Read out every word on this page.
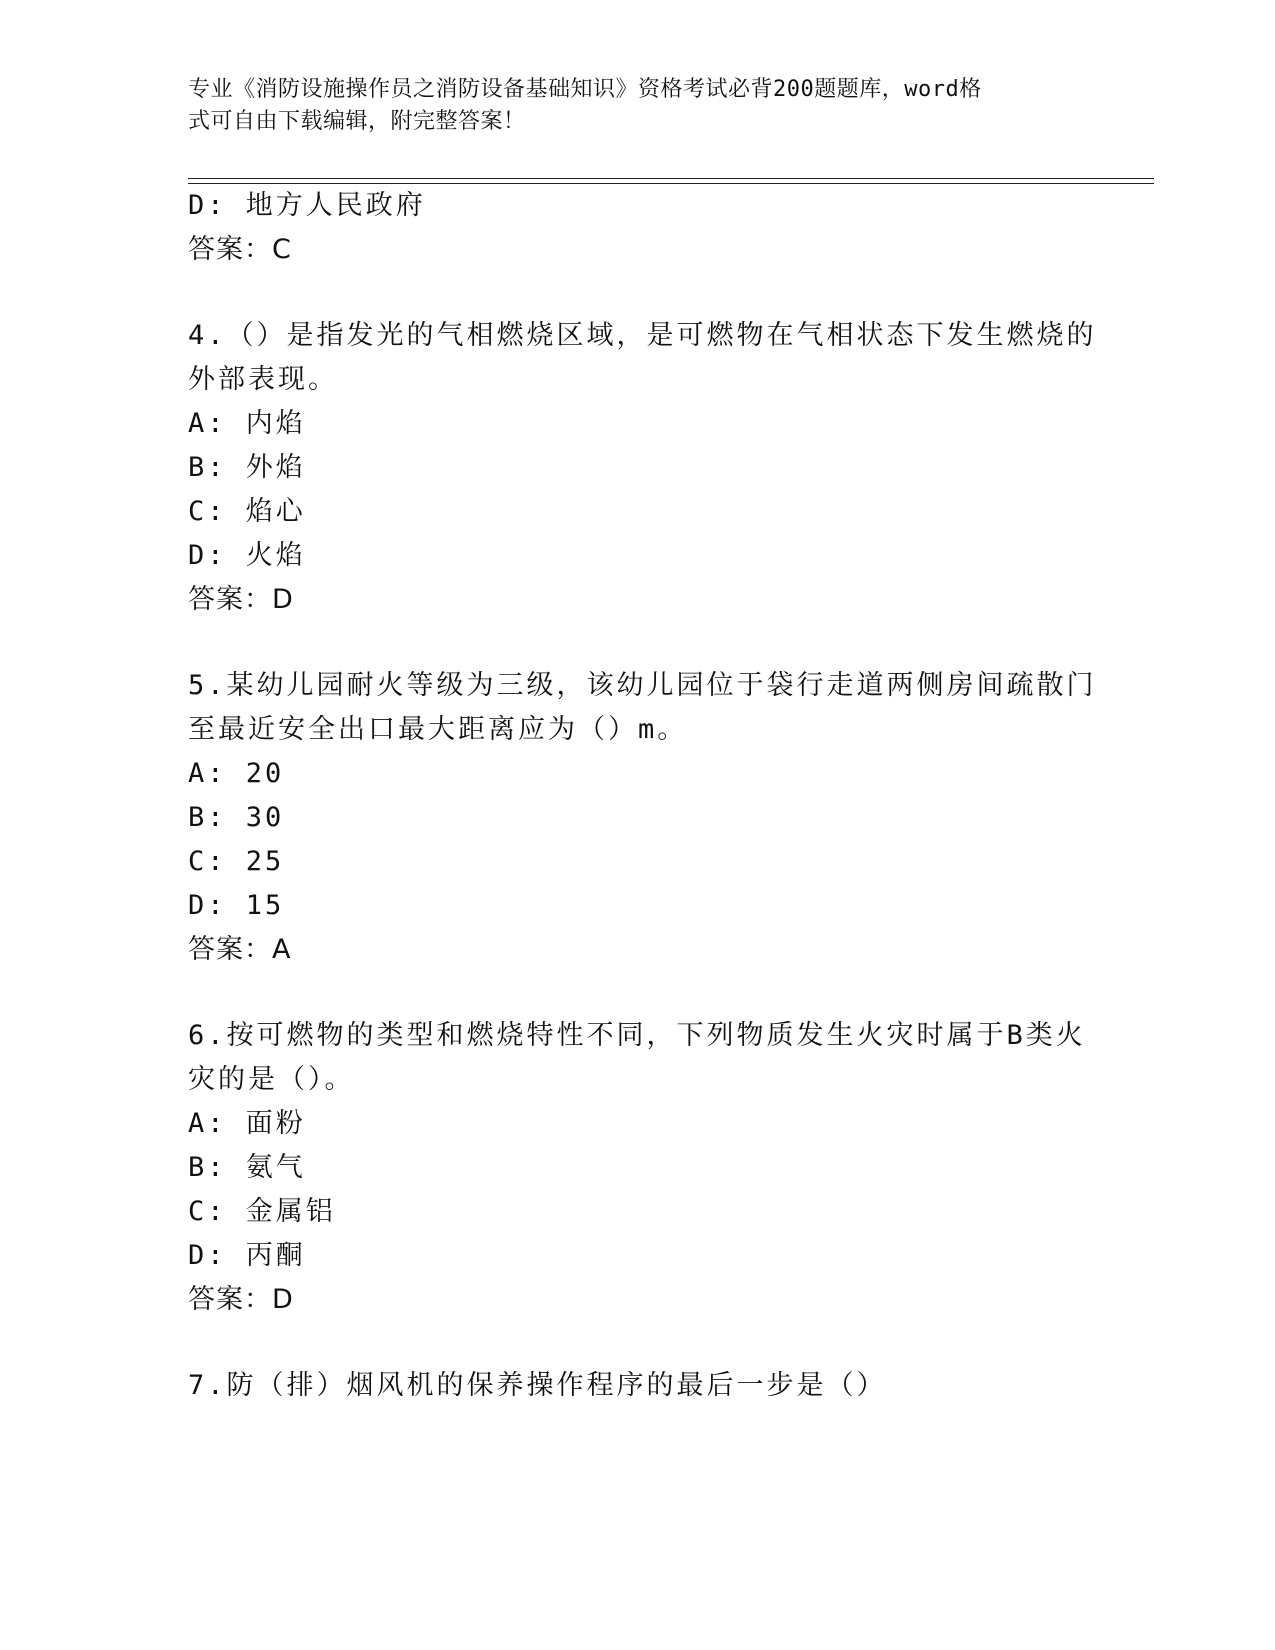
专业《消防设施操作员之消防设备基础知识》资格考试必背200题题库，word格
式可自由下载编辑，附完整答案！
D: 地方人民政府
答案：C
4.（）是指发光的气相燃烧区域，是可燃物在气相状态下发生燃烧的
外部表现。
A: 内焰
B: 外焰
C: 焰心
D: 火焰
答案：D
5.某幼儿园耐火等级为三级，该幼儿园位于袋行走道两侧房间疏散门
至最近安全出口最大距离应为（）m。
A: 20
B: 30
C: 25
D: 15
答案：A
6.按可燃物的类型和燃烧特性不同，下列物质发生火灾时属于B类火
灾的是（）。
A: 面粉
B: 氨气
C: 金属铝
D: 丙酮
答案：D
7.防（排）烟风机的保养操作程序的最后一步是（）
